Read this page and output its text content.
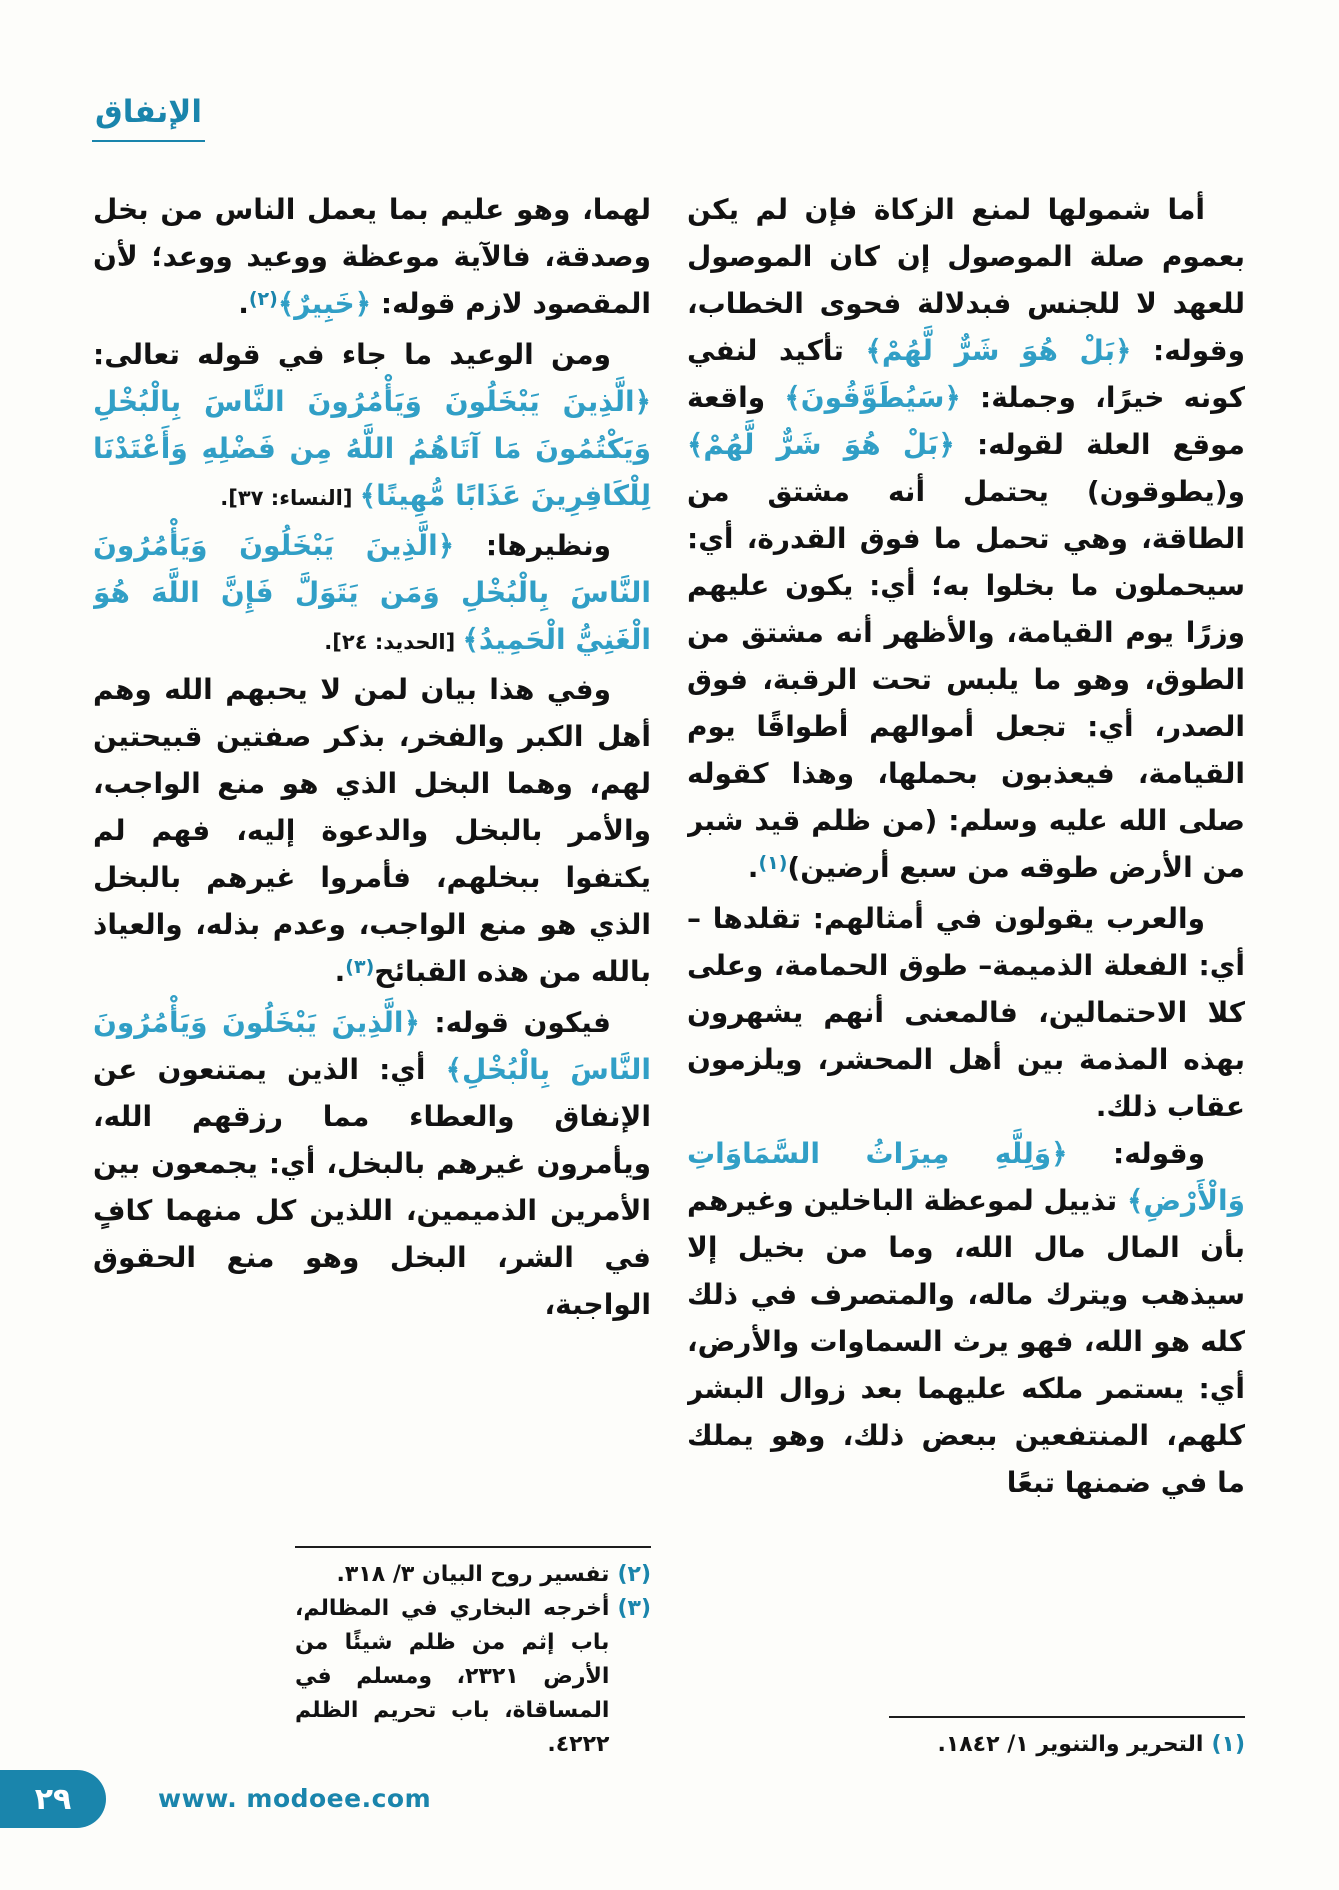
الإنفاق

أما شمولها لمنع الزكاة فإن لم يكن بعموم صلة الموصول إن كان الموصول للعهد لا للجنس فبدلالة فحوى الخطاب، وقوله: ﴿بَلْ هُوَ شَرٌّ لَّهُمْ﴾ تأكيد لنفي كونه خيرًا، وجملة: ﴿سَيُطَوَّقُونَ﴾ واقعة موقع العلة لقوله: ﴿بَلْ هُوَ شَرٌّ لَّهُمْ﴾ و(يطوقون) يحتمل أنه مشتق من الطاقة، وهي تحمل ما فوق القدرة، أي: سيحملون ما بخلوا به؛ أي: يكون عليهم وزرًا يوم القيامة، والأظهر أنه مشتق من الطوق، وهو ما يلبس تحت الرقبة، فوق الصدر، أي: تجعل أموالهم أطواقًا يوم القيامة، فيعذبون بحملها، وهذا كقوله صلى الله عليه وسلم: (من ظلم قيد شبر من الأرض طوقه من سبع أرضين)$^{(١)}$.

والعرب يقولون في أمثالهم: تقلدها –أي: الفعلة الذميمة– طوق الحمامة، وعلى كلا الاحتمالين، فالمعنى أنهم يشهرون بهذه المذمة بين أهل المحشر، ويلزمون عقاب ذلك.

وقوله: ﴿وَلِلَّهِ مِيرَاثُ السَّمَاوَاتِ وَالْأَرْضِ﴾ تذييل لموعظة الباخلين وغيرهم بأن المال مال الله، وما من بخيل إلا سيذهب ويترك ماله، والمتصرف في ذلك كله هو الله، فهو يرث السماوات والأرض، أي: يستمر ملكه عليهما بعد زوال البشر كلهم، المنتفعين ببعض ذلك، وهو يملك ما في ضمنها تبعًا

(١)
التحرير والتنوير ١/ ١٨٤٢.

لهما، وهو عليم بما يعمل الناس من بخل وصدقة، فالآية موعظة ووعيد ووعد؛ لأن المقصود لازم قوله: ﴿خَبِيرٌ﴾$^{(٢)}$.

ومن الوعيد ما جاء في قوله تعالى: ﴿الَّذِينَ يَبْخَلُونَ وَيَأْمُرُونَ النَّاسَ بِالْبُخْلِ وَيَكْتُمُونَ مَا آتَاهُمُ اللَّهُ مِن فَضْلِهِ وَأَعْتَدْنَا لِلْكَافِرِينَ عَذَابًا مُّهِينًا﴾ [النساء: ٣٧].

ونظيرها: ﴿الَّذِينَ يَبْخَلُونَ وَيَأْمُرُونَ النَّاسَ بِالْبُخْلِ وَمَن يَتَوَلَّ فَإِنَّ اللَّهَ هُوَ الْغَنِيُّ الْحَمِيدُ﴾ [الحديد: ٢٤].

وفي هذا بيان لمن لا يحبهم الله وهم أهل الكبر والفخر، بذكر صفتين قبيحتين لهم، وهما البخل الذي هو منع الواجب، والأمر بالبخل والدعوة إليه، فهم لم يكتفوا ببخلهم، فأمروا غيرهم بالبخل الذي هو منع الواجب، وعدم بذله، والعياذ بالله من هذه القبائح$^{(٣)}$.

فيكون قوله: ﴿الَّذِينَ يَبْخَلُونَ وَيَأْمُرُونَ النَّاسَ بِالْبُخْلِ﴾ أي: الذين يمتنعون عن الإنفاق والعطاء مما رزقهم الله، ويأمرون غيرهم بالبخل، أي: يجمعون بين الأمرين الذميمين، اللذين كل منهما كافٍ في الشر، البخل وهو منع الحقوق الواجبة،

(٢)
تفسير روح البيان ٣/ ٣١٨.
(٣)
أخرجه البخاري في المظالم، باب إثم من ظلم شيئًا من الأرض ٢٣٢١، ومسلم في المساقاة، باب تحريم الظلم ٤٢٢٢.
٢٩	www. modoee.com
